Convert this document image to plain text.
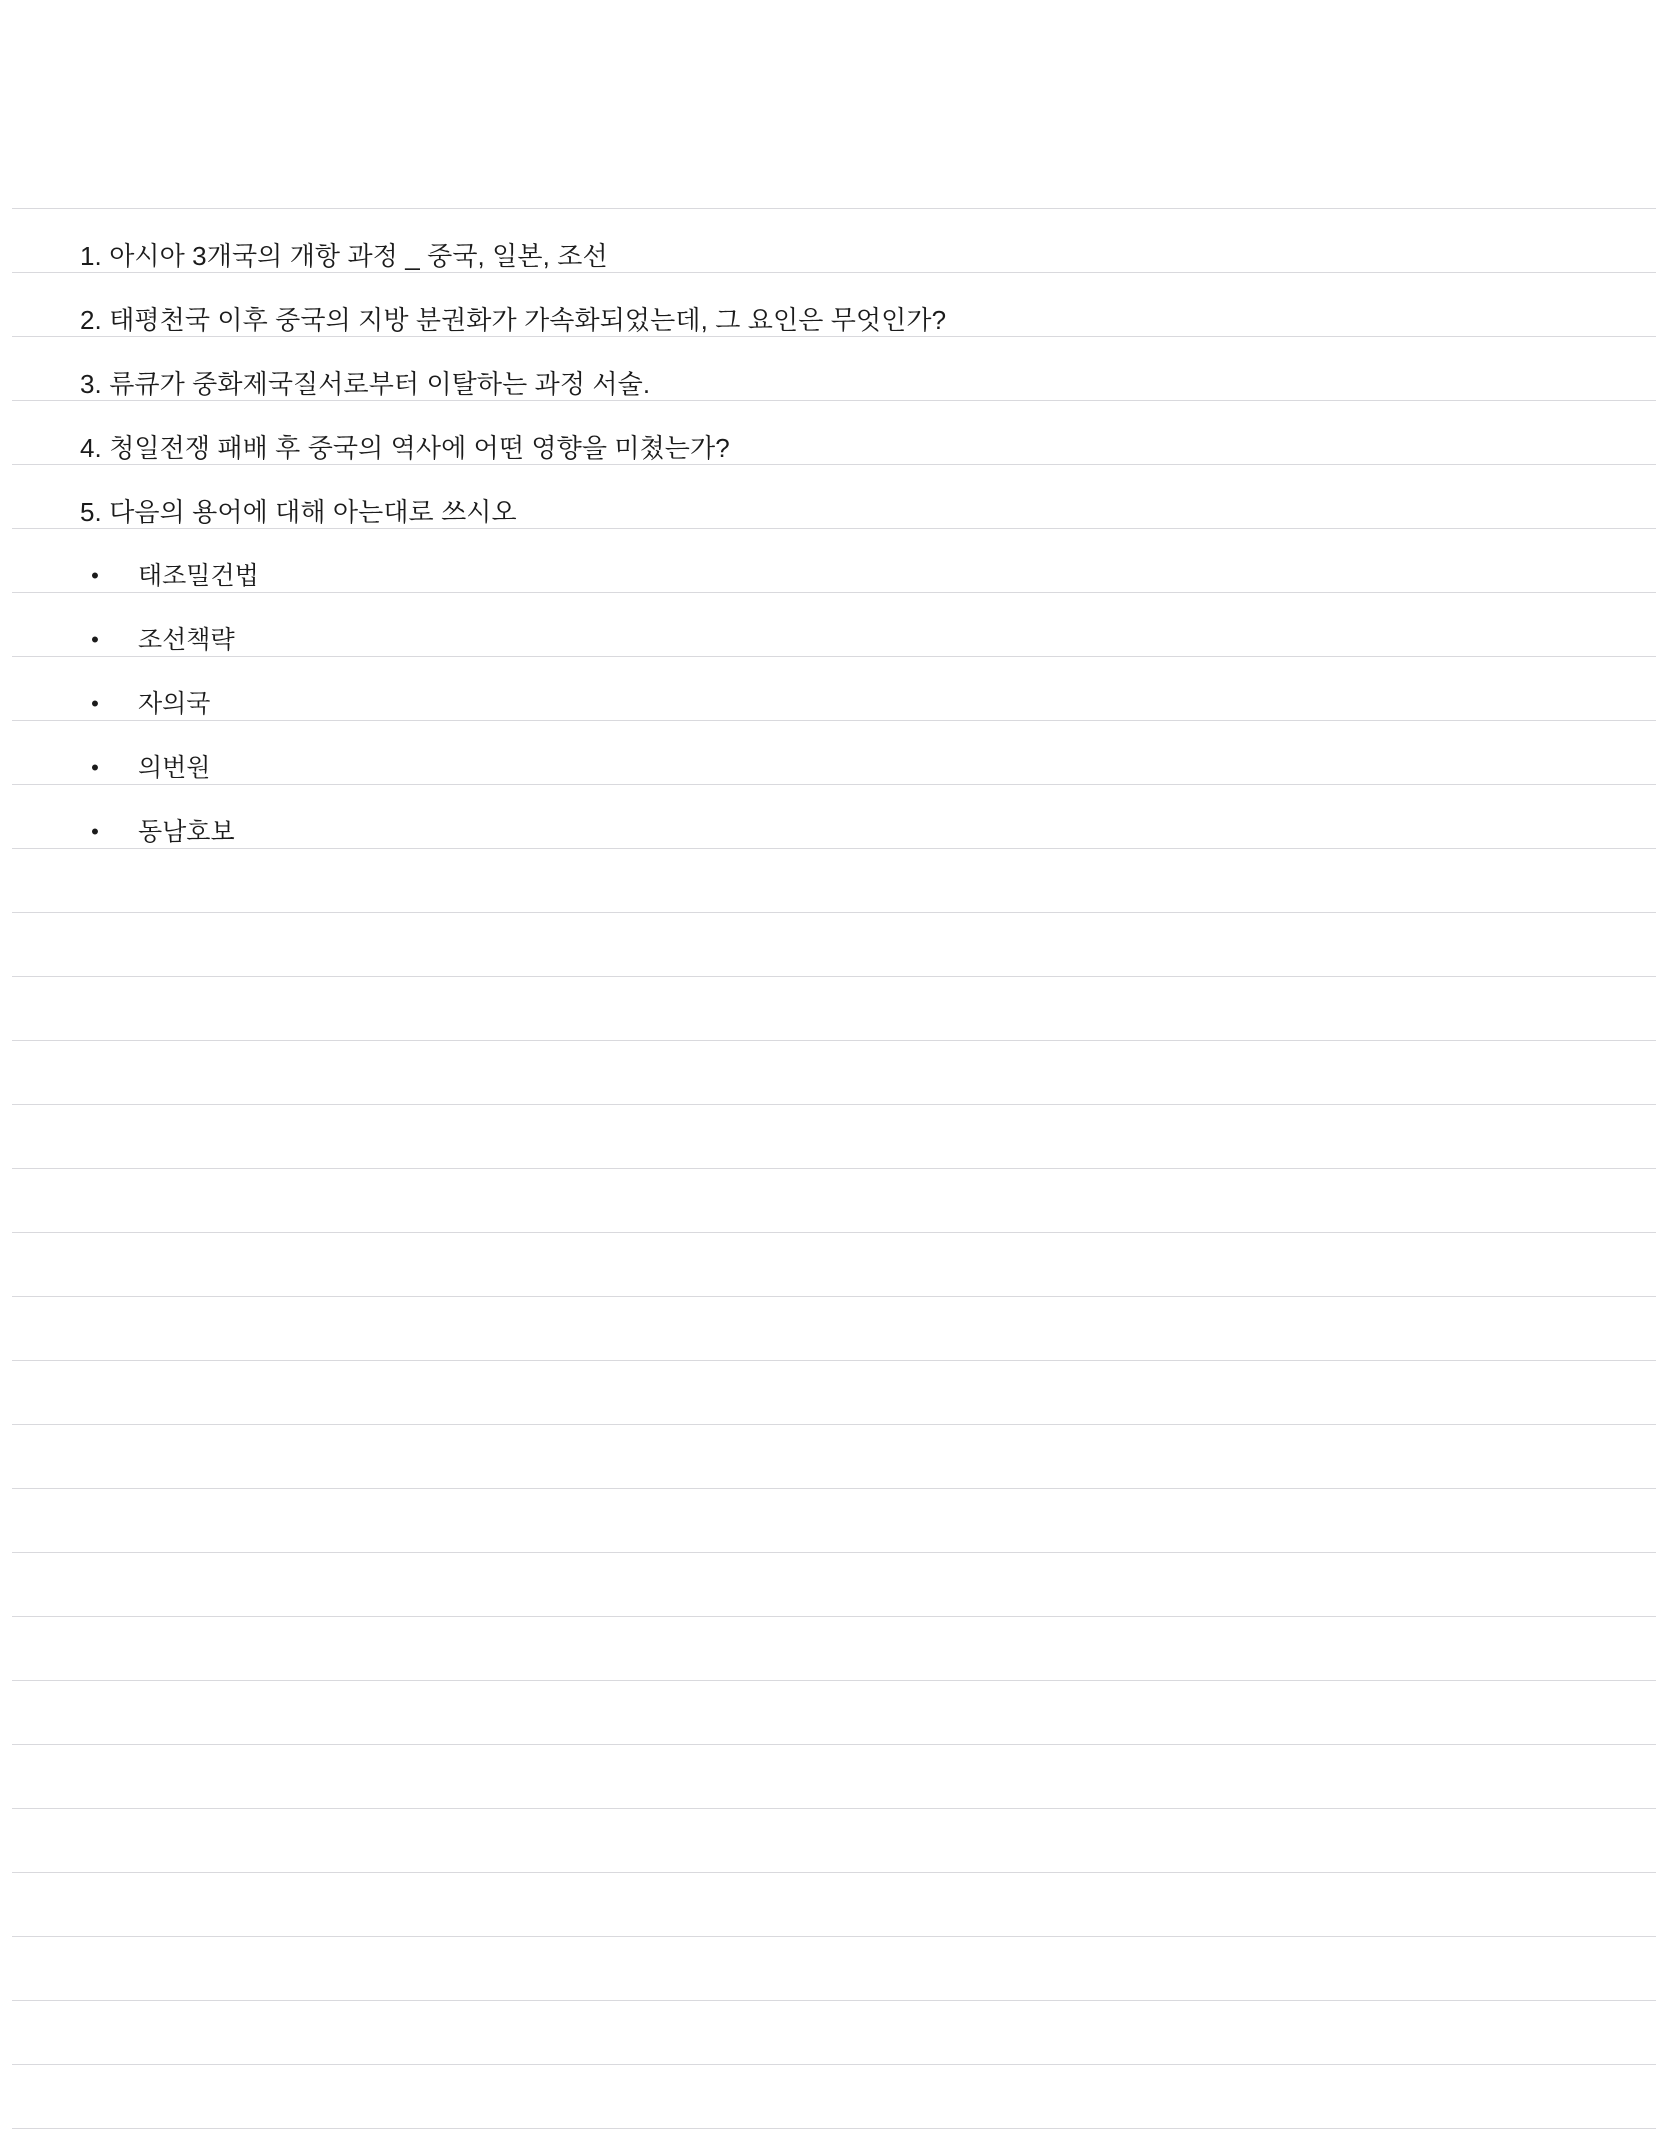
1. 아시아 3개국의 개항 과정 _ 중국, 일본, 조선
2. 태평천국 이후 중국의 지방 분권화가 가속화되었는데, 그 요인은 무엇인가?
3. 류큐가 중화제국질서로부터 이탈하는 과정 서술.
4. 청일전쟁 패배 후 중국의 역사에 어떤 영향을 미쳤는가?
5. 다음의 용어에 대해 아는대로 쓰시오
• 태조밀건법
• 조선책략
• 자의국
• 의번원
• 동남호보
